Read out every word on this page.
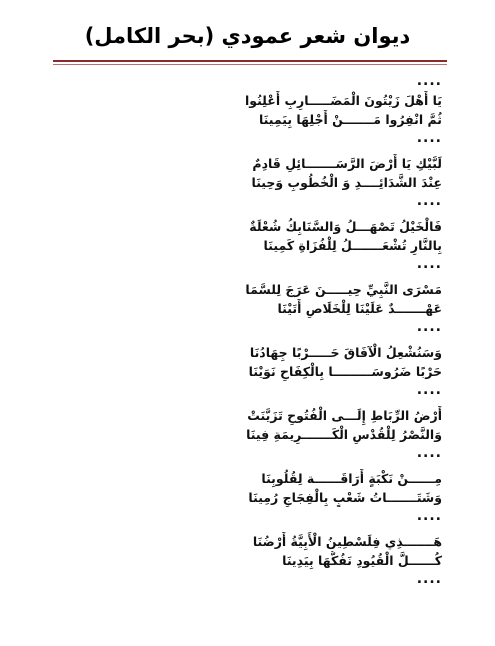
ديوان شعر عمودي (بحر الكامل)
....
يَا أَهْلَ زَيْتُونَ الْمَضَـــــارِبِ أَعْلِنُوا
ثُمَّ انْفِرُوا مَـــــــنْ أَجْلِهَا بِيَمِينَا
....
لَبَّيْكِ يَا أَرْضَ الرَّسَـــــــائِلِ قَادِمٌ
عِنْدَ الشَّدَائِــــدِ وَ الْخُطُوبِ وَحِينَا
....
فَالْخَيْلُ تَصْهَـــلُ وَالسَّنَابِكُ شُعْلَةٌ
بِالنَّارِ تُشْعَـــــــلُ لِلْفُزَاةِ كَمِينَا
....
مَسْرَى النَّبِيِّ حِيـــــنَ عَرَجَ لِلسَّمَا
عَهْـــــــدٌ عَلَيْنَا لِلْخَلَاصِ أَتَيْنَا
....
وَسَنُشْعِلُ الْآفَاقَ حَـــــرْبًا جِهَادُنَا
حَرْبًا ضَرُوسَـــــــــا بِالْكِفَاحِ نَوَيْنَا
....
أَرْضُ الرِّبَاطِ إِلَـــى الْفُتُوحِ تَزَيَّنَتْ
وَالنَّصْرُ لِلْقُدْسِ الْكَـــــــرِيمَةِ فِينَا
....
مِــــــنْ نَكْبَةٍ أَرَاقَــــــة لِقُلُوبِنَا
وَشَتَـــــــاتُ شَعْبٍ بِالْفِجَاجِ رُمِينَا
....
هَـــــــذِي فِلَسْطِينُ الْأَبِيَّةُ أَرْضُنَا
كُــــــلَّ الْقُيُودِ نَفُكُّهَا بِيَدِينَا
....
